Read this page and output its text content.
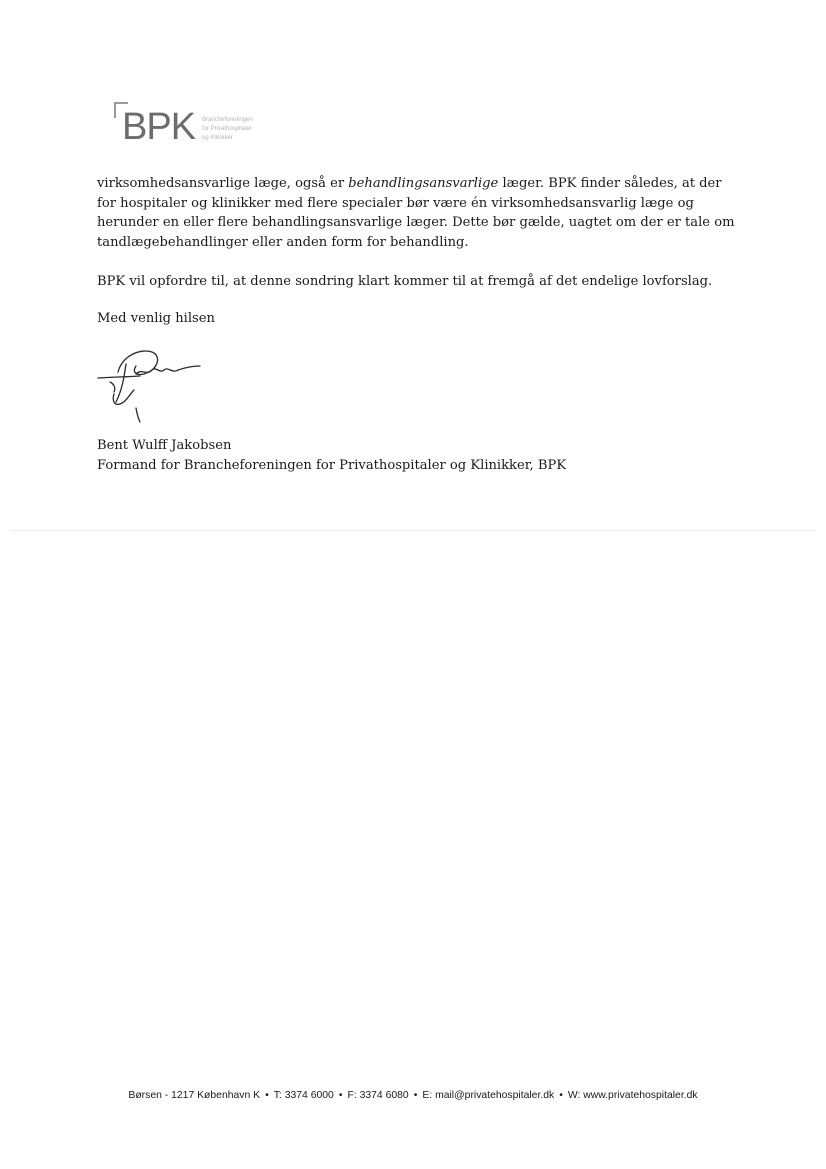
BPK Brancheforeningen
for Privathospitaler
og Klinikker

virksomhedsansvarlige læge, også er behandlingsansvarlige læger. BPK finder således, at der for hospitaler og klinikker med flere specialer bør være én virksomhedsansvarlig læge og herunder en eller flere behandlingsansvarlige læger. Dette bør gælde, uagtet om der er tale om tandlægebehandlinger eller anden form for behandling.

BPK vil opfordre til, at denne sondring klart kommer til at fremgå af det endelige lovforslag.

Med venlig hilsen

Bent Wulff Jakobsen
Formand for Brancheforeningen for Privathospitaler og Klinikker, BPK
Børsen - 1217 København K • T: 3374 6000 • F: 3374 6080 • E: mail@privatehospitaler.dk • W: www.privatehospitaler.dk
